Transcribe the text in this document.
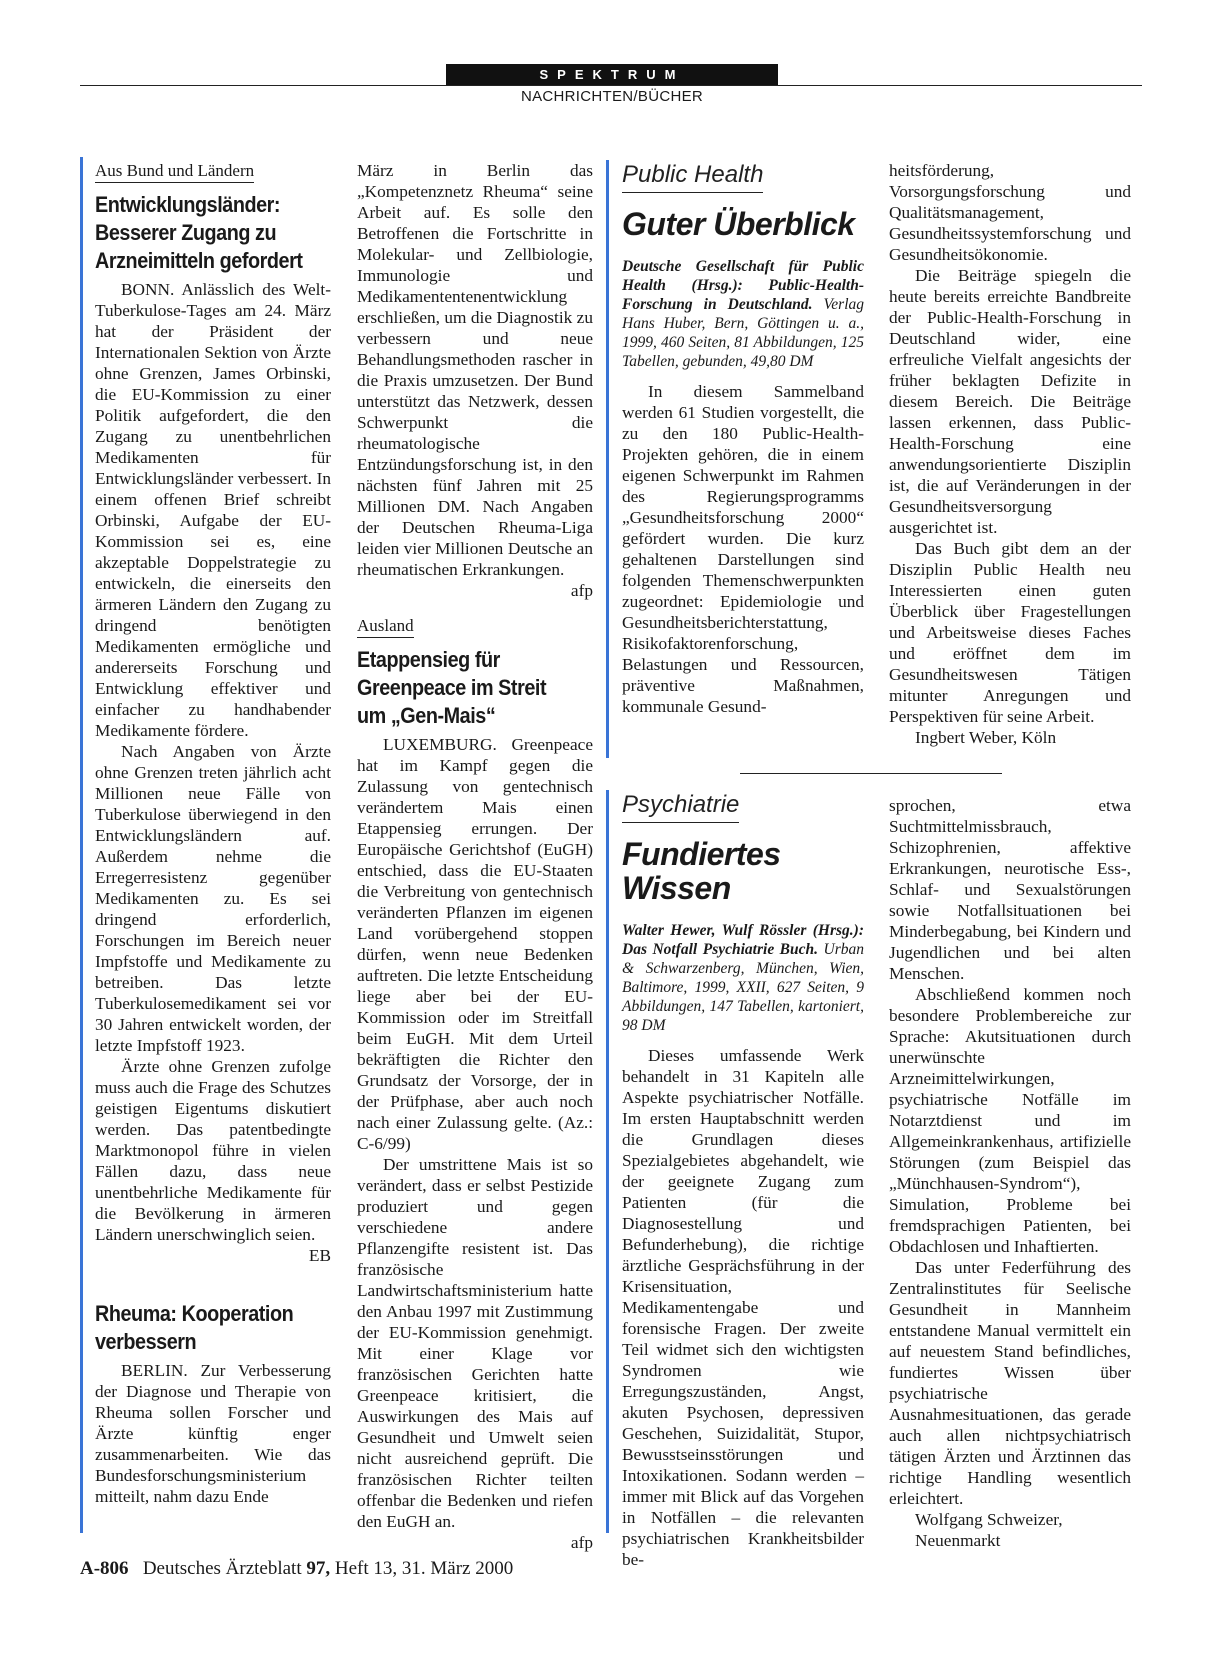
SPEKTRUM
NACHRICHTEN/BÜCHER
Aus Bund und Ländern
Entwicklungsländer:
Besserer Zugang zu
Arzneimitteln gefordert

BONN. Anlässlich des Welt-Tuberkulose-Tages am 24. März hat der Präsident der Internationalen Sektion von Ärzte ohne Grenzen, James Orbinski, die EU-Kommission zu einer Politik aufgefordert, die den Zugang zu unentbehrlichen Medikamenten für Entwicklungsländer verbessert. In einem offenen Brief schreibt Orbinski, Aufgabe der EU-Kommission sei es, eine akzeptable Doppelstrategie zu entwickeln, die einerseits den ärmeren Ländern den Zugang zu dringend benötigten Medikamenten ermögliche und andererseits Forschung und Entwicklung effektiver und einfacher zu handhabender Medikamente fördere.

Nach Angaben von Ärzte ohne Grenzen treten jährlich acht Millionen neue Fälle von Tuberkulose überwiegend in den Entwicklungsländern auf. Außerdem nehme die Erregerresistenz gegenüber Medikamenten zu. Es sei dringend erforderlich, Forschungen im Bereich neuer Impfstoffe und Medikamente zu betreiben. Das letzte Tuberkulosemedikament sei vor 30 Jahren entwickelt worden, der letzte Impfstoff 1923.

Ärzte ohne Grenzen zufolge muss auch die Frage des Schutzes geistigen Eigentums diskutiert werden. Das patentbedingte Marktmonopol führe in vielen Fällen dazu, dass neue unentbehrliche Medikamente für die Bevölkerung in ärmeren Ländern unerschwinglich seien.

EB
Rheuma: Kooperation
verbessern

BERLIN. Zur Verbesserung der Diagnose und Therapie von Rheuma sollen Forscher und Ärzte künftig enger zusammenarbeiten. Wie das Bundesforschungsministerium mitteilt, nahm dazu Ende

März in Berlin das „Kompetenznetz Rheuma“ seine Arbeit auf. Es solle den Betroffenen die Fortschritte in Molekular- und Zellbiologie, Immunologie und Medikamententenentwicklung erschließen, um die Diagnostik zu verbessern und neue Behandlungsmethoden rascher in die Praxis umzusetzen. Der Bund unterstützt das Netzwerk, dessen Schwerpunkt die rheumatologische Entzündungsforschung ist, in den nächsten fünf Jahren mit 25 Millionen DM. Nach Angaben der Deutschen Rheuma-Liga leiden vier Millionen Deutsche an rheumatischen Erkrankungen.

afp
Ausland
Etappensieg für
Greenpeace im Streit
um „Gen-Mais“

LUXEMBURG. Greenpeace hat im Kampf gegen die Zulassung von gentechnisch verändertem Mais einen Etappensieg errungen. Der Europäische Gerichtshof (EuGH) entschied, dass die EU-Staaten die Verbreitung von gentechnisch veränderten Pflanzen im eigenen Land vorübergehend stoppen dürfen, wenn neue Bedenken auftreten. Die letzte Entscheidung liege aber bei der EU-Kommission oder im Streitfall beim EuGH. Mit dem Urteil bekräftigten die Richter den Grundsatz der Vorsorge, der in der Prüfphase, aber auch noch nach einer Zulassung gelte. (Az.: C-6/99)

Der umstrittene Mais ist so verändert, dass er selbst Pestizide produziert und gegen verschiedene andere Pflanzengifte resistent ist. Das französische Landwirtschaftsministerium hatte den Anbau 1997 mit Zustimmung der EU-Kommission genehmigt. Mit einer Klage vor französischen Gerichten hatte Greenpeace kritisiert, die Auswirkungen des Mais auf Gesundheit und Umwelt seien nicht ausreichend geprüft. Die französischen Richter teilten offenbar die Bedenken und riefen den EuGH an.

afp
Public Health
Guter Überblick
Deutsche Gesellschaft für Public Health (Hrsg.): Public-Health-Forschung in Deutschland. Verlag Hans Huber, Bern, Göttingen u. a., 1999, 460 Seiten, 81 Abbildungen, 125 Tabellen, gebunden, 49,80 DM

In diesem Sammelband werden 61 Studien vorgestellt, die zu den 180 Public-Health-Projekten gehören, die in einem eigenen Schwerpunkt im Rahmen des Regierungsprogramms „Gesundheitsforschung 2000“ gefördert wurden. Die kurz gehaltenen Darstellungen sind folgenden Themenschwerpunkten zugeordnet: Epidemiologie und Gesundheitsberichterstattung, Risikofaktorenforschung, Belastungen und Ressourcen, präventive Maßnahmen, kommunale Gesund-

heitsförderung, Vorsorgungsforschung und Qualitätsmanagement, Gesundheitssystemforschung und Gesundheitsökonomie.

Die Beiträge spiegeln die heute bereits erreichte Bandbreite der Public-Health-Forschung in Deutschland wider, eine erfreuliche Vielfalt angesichts der früher beklagten Defizite in diesem Bereich. Die Beiträge lassen erkennen, dass Public-Health-Forschung eine anwendungsorientierte Disziplin ist, die auf Veränderungen in der Gesundheitsversorgung ausgerichtet ist.

Das Buch gibt dem an der Disziplin Public Health neu Interessierten einen guten Überblick über Fragestellungen und Arbeitsweise dieses Faches und eröffnet dem im Gesundheitswesen Tätigen mitunter Anregungen und Perspektiven für seine Arbeit.

Ingbert Weber, Köln

Psychiatrie
Fundiertes
Wissen
Walter Hewer, Wulf Rössler (Hrsg.): Das Notfall Psychiatrie Buch. Urban & Schwarzenberg, München, Wien, Baltimore, 1999, XXII, 627 Seiten, 9 Abbildungen, 147 Tabellen, kartoniert, 98 DM

Dieses umfassende Werk behandelt in 31 Kapiteln alle Aspekte psychiatrischer Notfälle. Im ersten Hauptabschnitt werden die Grundlagen dieses Spezialgebietes abgehandelt, wie der geeignete Zugang zum Patienten (für die Diagnosestellung und Befunderhebung), die richtige ärztliche Gesprächsführung in der Krisensituation, Medikamentengabe und forensische Fragen. Der zweite Teil widmet sich den wichtigsten Syndromen wie Erregungszuständen, Angst, akuten Psychosen, depressiven Geschehen, Suizidalität, Stupor, Bewusstseinsstörungen und Intoxikationen. Sodann werden – immer mit Blick auf das Vorgehen in Notfällen – die relevanten psychiatrischen Krankheitsbilder be-

sprochen, etwa Suchtmittelmissbrauch, Schizophrenien, affektive Erkrankungen, neurotische Ess-, Schlaf- und Sexualstörungen sowie Notfallsituationen bei Minderbegabung, bei Kindern und Jugendlichen und bei alten Menschen.

Abschließend kommen noch besondere Problembereiche zur Sprache: Akutsituationen durch unerwünschte Arzneimittelwirkungen, psychiatrische Notfälle im Notarztdienst und im Allgemeinkrankenhaus, artifizielle Störungen (zum Beispiel das „Münchhausen-Syndrom“), Simulation, Probleme bei fremdsprachigen Patienten, bei Obdachlosen und Inhaftierten.

Das unter Federführung des Zentralinstitutes für Seelische Gesundheit in Mannheim entstandene Manual vermittelt ein auf neuestem Stand befindliches, fundiertes Wissen über psychiatrische Ausnahmesituationen, das gerade auch allen nichtpsychiatrisch tätigen Ärzten und Ärztinnen das richtige Handling wesentlich erleichtert.

Wolfgang Schweizer,

Neuenmarkt

A-806 Deutsches Ärzteblatt 97, Heft 13, 31. März 2000
